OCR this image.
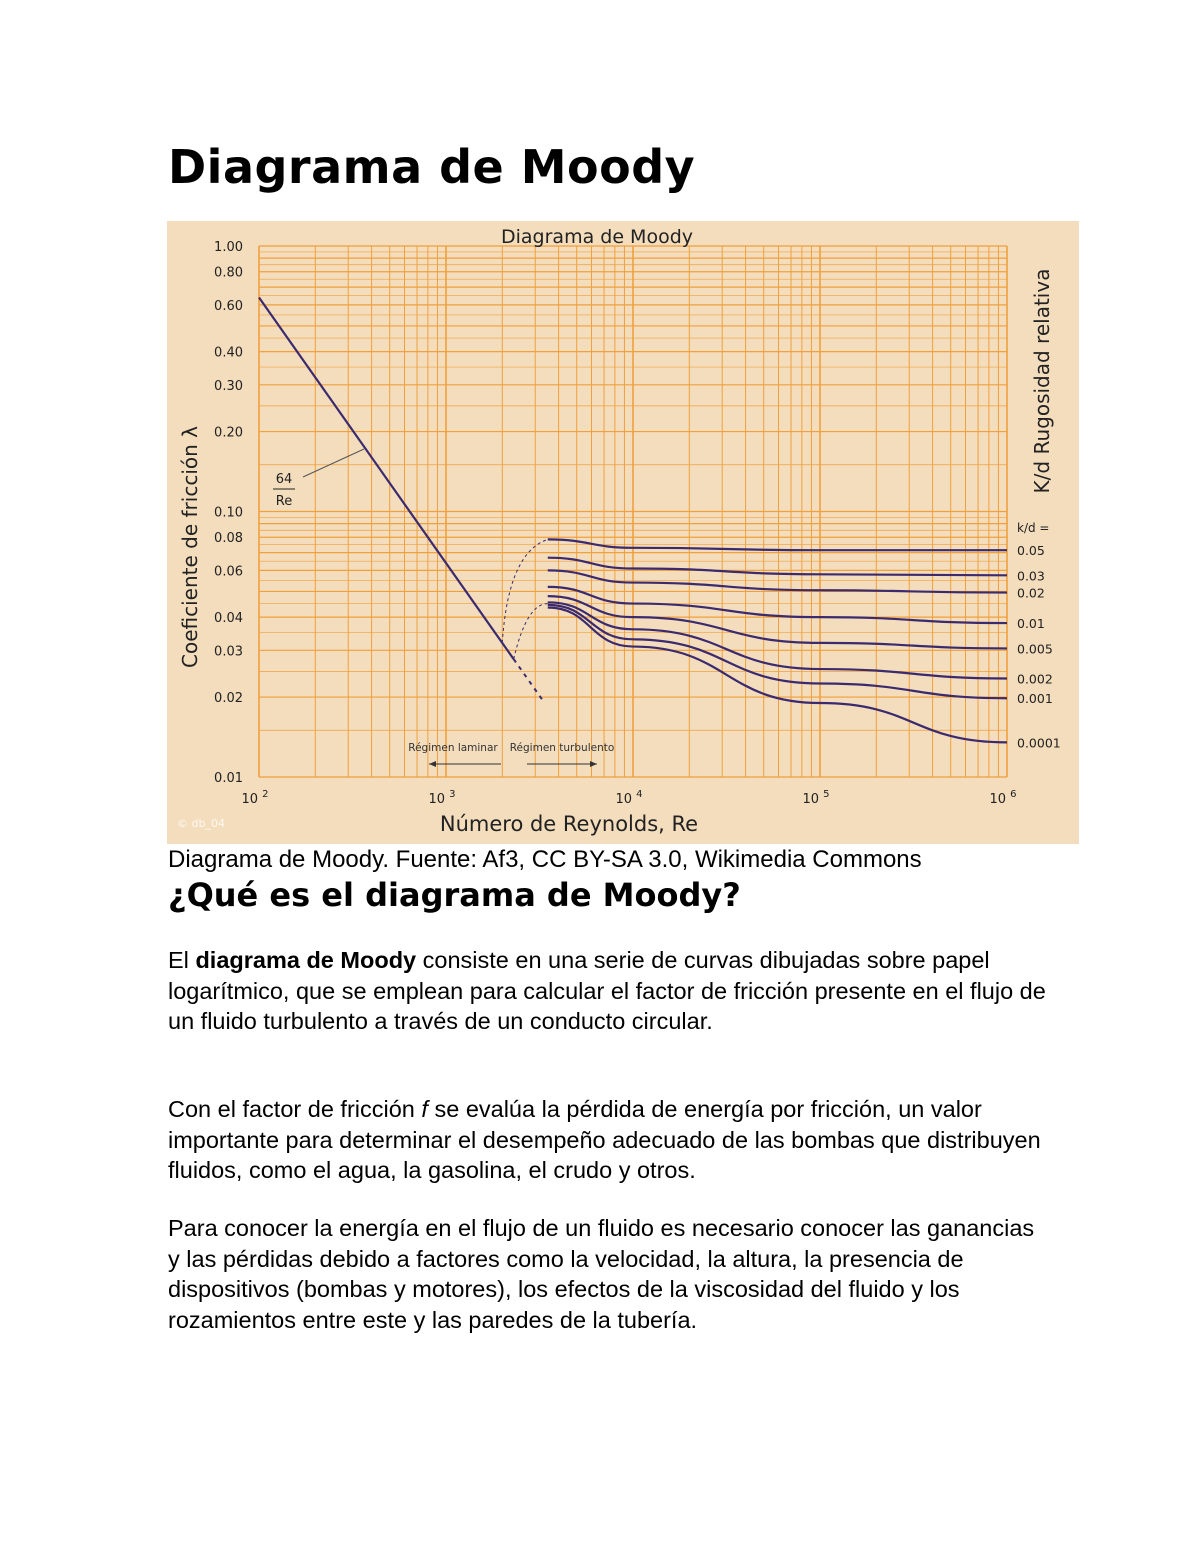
Diagrama de Moody
Diagrama de Moody
Coeficiente de fricción λ
K/d Rugosidad relativa
Número de Reynolds, Re
k/d =
© db_04
1.00
0.80
0.60
0.40
0.30
0.20
0.10
0.08
0.06
0.04
0.03
0.02
0.01
10 $^2$	10 $^3$	10 $^4$	10 $^5$	10 $^6$
0.05
0.03
0.02
0.01
0.005
0.002
0.001
0.0001
64
Re
Régimen laminar Régimen turbulento

Diagrama de Moody. Fuente: Af3, CC BY-SA 3.0, Wikimedia Commons

¿Qué es el diagrama de Moody?

El diagrama de Moody consiste en una serie de curvas dibujadas sobre papel logarítmico, que se emplean para calcular el factor de fricción presente en el flujo de un fluido turbulento a través de un conducto circular.

Con el factor de fricción f se evalúa la pérdida de energía por fricción, un valor importante para determinar el desempeño adecuado de las bombas que distribuyen fluidos, como el agua, la gasolina, el crudo y otros.

Para conocer la energía en el flujo de un fluido es necesario conocer las ganancias y las pérdidas debido a factores como la velocidad, la altura, la presencia de dispositivos (bombas y motores), los efectos de la viscosidad del fluido y los rozamientos entre este y las paredes de la tubería.
